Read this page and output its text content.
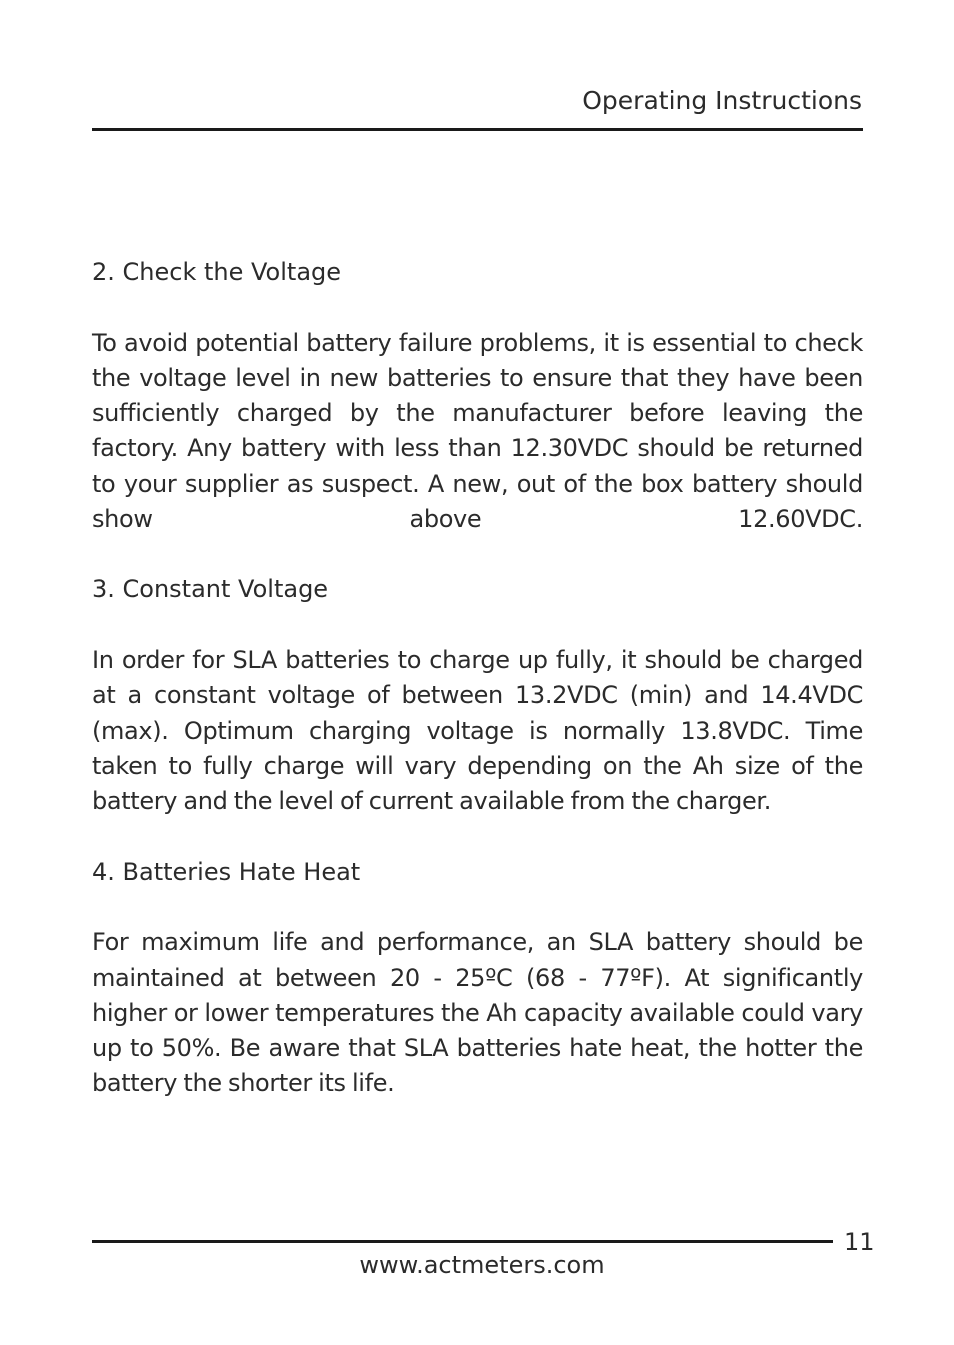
Operating Instructions
2. Check the Voltage

To avoid potential battery failure problems, it is essential to check the voltage level in new batteries to ensure that they have been sufficiently charged by the manufacturer before leaving the factory. Any battery with less than 12.30VDC should be returned to your supplier as suspect. A new, out of the box battery should show above 12.60VDC.

3. Constant Voltage

In order for SLA batteries to charge up fully, it should be charged at a constant voltage of between 13.2VDC (min) and 14.4VDC (max). Optimum charging voltage is normally 13.8VDC. Time taken to fully charge will vary depending on the Ah size of the battery and the level of current available from the charger.

4. Batteries Hate Heat

For maximum life and performance, an SLA battery should be maintained at between 20 - 25ºC (68 - 77ºF). At significantly higher or lower temperatures the Ah capacity available could vary up to 50%. Be aware that SLA batteries hate heat, the hotter the battery the shorter its life.

11
www.actmeters.com
